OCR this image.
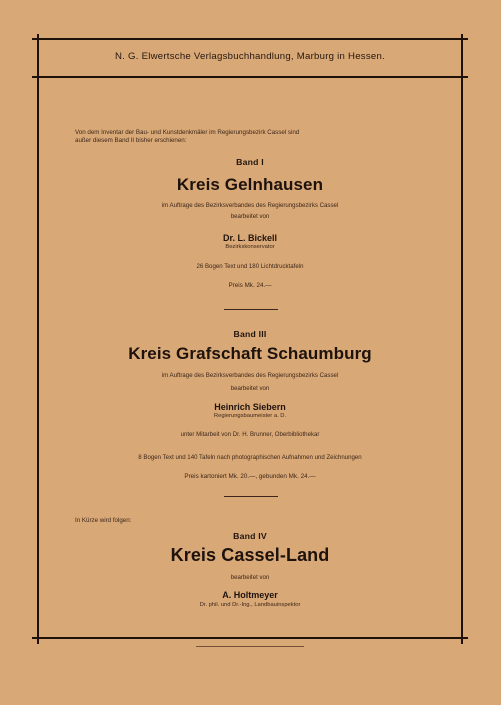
N. G. Elwertsche Verlagsbuchhandlung, Marburg in Hessen.
Von dem Inventar der Bau- und Kunstdenkmäler im Regierungsbezirk Cassel sind
außer diesem Band II bisher erschienen:
Band I
Kreis Gelnhausen
im Auftrage des Bezirksverbandes des Regierungsbezirks Cassel
bearbeitet von
Dr. L. Bickell
Bezirkskonservator
26 Bogen Text und 180 Lichtdrucktafeln
Preis Mk. 24.—
Band III
Kreis Grafschaft Schaumburg
im Auftrage des Bezirksverbandes des Regierungsbezirks Cassel
bearbeitet von
Heinrich Siebern
Regierungsbaumeister a. D.
unter Mitarbeit von Dr. H. Brunner, Oberbibliothekar
8 Bogen Text und 140 Tafeln nach photographischen Aufnahmen und Zeichnungen
Preis kartoniert Mk. 20.—, gebunden Mk. 24.—
In Kürze wird folgen:
Band IV
Kreis Cassel-Land
bearbeitet von
A. Holtmeyer
Dr. phil. und Dr.-Ing., Landbauinspektor
